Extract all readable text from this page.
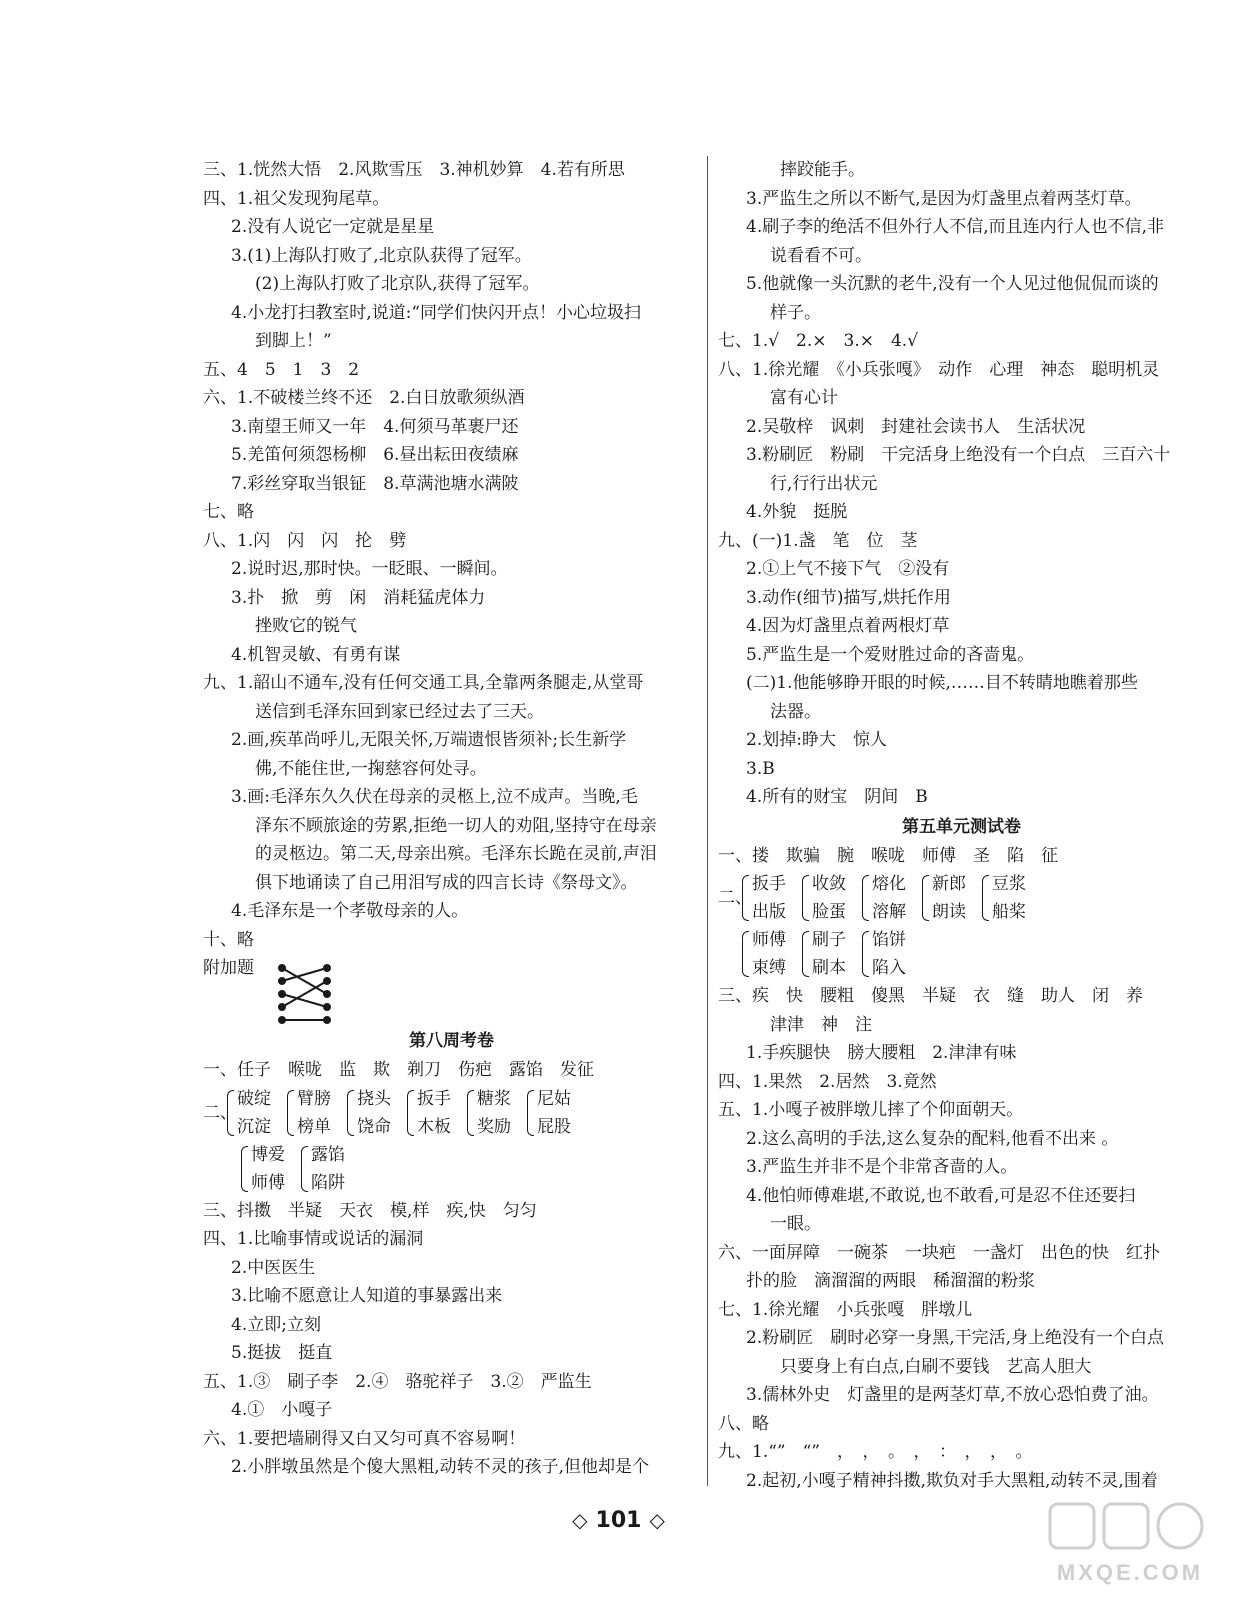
三、1.恍然大悟　2.风欺雪压　3.神机妙算　4.若有所思
四、1.祖父发现狗尾草。
2.没有人说它一定就是星星
3.(1)上海队打败了,北京队获得了冠军。
(2)上海队打败了北京队,获得了冠军。
4.小龙打扫教室时,说道:“同学们快闪开点！小心垃圾扫
到脚上！”
五、4　5　1　3　2
六、1.不破楼兰终不还　2.白日放歌须纵酒
3.南望王师又一年　4.何须马革裹尸还
5.羌笛何须怨杨柳　6.昼出耘田夜绩麻
7.彩丝穿取当银钲　8.草满池塘水满陂
七、略
八、1.闪　闪　闪　抡　劈
2.说时迟,那时快。一眨眼、一瞬间。
3.扑　掀　剪　闲　消耗猛虎体力
挫败它的锐气
4.机智灵敏、有勇有谋
九、1.韶山不通车,没有任何交通工具,全靠两条腿走,从堂哥
送信到毛泽东回到家已经过去了三天。
2.画,疾革尚呼儿,无限关怀,万端遗恨皆须补;长生新学
佛,不能住世,一掬慈容何处寻。
3.画:毛泽东久久伏在母亲的灵柩上,泣不成声。当晚,毛
泽东不顾旅途的劳累,拒绝一切人的劝阻,坚持守在母亲
的灵柩边。第二天,母亲出殡。毛泽东长跪在灵前,声泪
俱下地诵读了自己用泪写成的四言长诗《祭母文》。
4.毛泽东是一个孝敬母亲的人。
十、略
附加题
第八周考卷
一、任子　喉咙　监　欺　剃刀　伤疤　露馅　发征
二、
破绽
沉淀
臂膀
榜单
挠头
饶命
扳手
木板
糖浆
奖励
尼姑
屁股
博爱
师傅
露馅
陷阱
三、抖擞　半疑　天衣　模,样　疾,快　匀匀
四、1.比喻事情或说话的漏洞
2.中医医生
3.比喻不愿意让人知道的事暴露出来
4.立即;立刻
5.挺拔　挺直
五、1.③　刷子李　2.④　骆驼祥子　3.②　严监生
4.①　小嘎子
六、1.要把墙刷得又白又匀可真不容易啊！
2.小胖墩虽然是个傻大黑粗,动转不灵的孩子,但他却是个
摔跤能手。
3.严监生之所以不断气,是因为灯盏里点着两茎灯草。
4.刷子李的绝活不但外行人不信,而且连内行人也不信,非
说看看不可。
5.他就像一头沉默的老牛,没有一个人见过他侃侃而谈的
样子。
七、1.√　2.×　3.×　4.√
八、1.徐光耀　《小兵张嘎》　动作　心理　神态　聪明机灵
富有心计
2.吴敬梓　讽刺　封建社会读书人　生活状况
3.粉刷匠　粉刷　干完活身上绝没有一个白点　三百六十
行,行行出状元
4.外貌　挺脱
九、(一)1.盏　笔　位　茎
2.①上气不接下气　②没有
3.动作(细节)描写,烘托作用
4.因为灯盏里点着两根灯草
5.严监生是一个爱财胜过命的吝啬鬼。
(二)1.他能够睁开眼的时候,……目不转睛地瞧着那些
法器。
2.划掉:睁大　惊人
3.B
4.所有的财宝　阴间　B
第五单元测试卷
一、搂　欺骗　腕　喉咙　师傅　圣　陷　征
二、
扳手
出版
收敛
脸蛋
熔化
溶解
新郎
朗读
豆浆
船桨
师傅
束缚
刷子
刷本
馅饼
陷入
三、疾　快　腰粗　傻黑　半疑　衣　缝　助人　闭　养
津津　神　注
1.手疾腿快　膀大腰粗　2.津津有味
四、1.果然　2.居然　3.竟然
五、1.小嘎子被胖墩儿摔了个仰面朝天。
2.这么高明的手法,这么复杂的配料,他看不出来 。
3.严监生并非不是个非常吝啬的人。
4.他怕师傅难堪,不敢说,也不敢看,可是忍不住还要扫
一眼。
六、一面屏障　一碗茶　一块疤　一盏灯　出色的快　红扑
扑的脸　滴溜溜的两眼　稀溜溜的粉浆
七、1.徐光耀　小兵张嘎　胖墩儿
2.粉刷匠　刷时必穿一身黑,干完活,身上绝没有一个白点
只要身上有白点,白刷不要钱　艺高人胆大
3.儒林外史　灯盏里的是两茎灯草,不放心恐怕费了油。
八、略
九、1.“”　“”　，　，　。　，　：　，　，　。
2.起初,小嘎子精神抖擞,欺负对手大黑粗,动转不灵,围着
◇ 101 ◇
MXQE.COM
